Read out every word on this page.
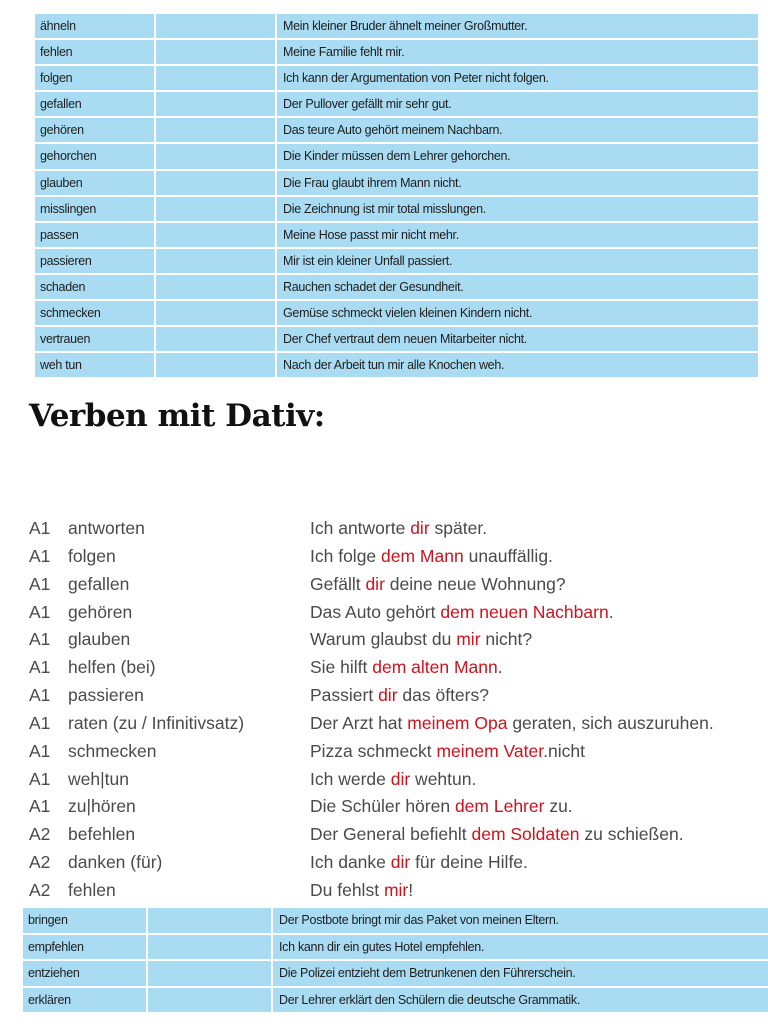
ähneln	Mein kleiner Bruder ähnelt meiner Großmutter.
fehlen	Meine Familie fehlt mir.
folgen	Ich kann der Argumentation von Peter nicht folgen.
gefallen	Der Pullover gefällt mir sehr gut.
gehören	Das teure Auto gehört meinem Nachbarn.
gehorchen	Die Kinder müssen dem Lehrer gehorchen.
glauben	Die Frau glaubt ihrem Mann nicht.
misslingen	Die Zeichnung ist mir total misslungen.
passen	Meine Hose passt mir nicht mehr.
passieren	Mir ist ein kleiner Unfall passiert.
schaden	Rauchen schadet der Gesundheit.
schmecken	Gemüse schmeckt vielen kleinen Kindern nicht.
vertrauen	Der Chef vertraut dem neuen Mitarbeiter nicht.
weh tun	Nach der Arbeit tun mir alle Knochen weh.
Verben mit Dativ:
A1 antworten	Ich antworte dir später.
A1 folgen	Ich folge dem Mann unauffällig.
A1 gefallen	Gefällt dir deine neue Wohnung?
A1 gehören	Das Auto gehört dem neuen Nachbarn.
A1 glauben	Warum glaubst du mir nicht?
A1 helfen (bei)	Sie hilft dem alten Mann.
A1 passieren	Passiert dir das öfters?
A1 raten (zu / Infinitivsatz)	Der Arzt hat meinem Opa geraten, sich auszuruhen.
A1 schmecken	Pizza schmeckt meinem Vater.nicht
A1 weh|tun	Ich werde dir wehtun.
A1 zu|hören	Die Schüler hören dem Lehrer zu.
A2 befehlen	Der General befiehlt dem Soldaten zu schießen.
A2 danken (für)	Ich danke dir für deine Hilfe.
A2 fehlen	Du fehlst mir!
bringen	Der Postbote bringt mir das Paket von meinen Eltern.
empfehlen	Ich kann dir ein gutes Hotel empfehlen.
entziehen	Die Polizei entzieht dem Betrunkenen den Führerschein.
erklären	Der Lehrer erklärt den Schülern die deutsche Grammatik.
